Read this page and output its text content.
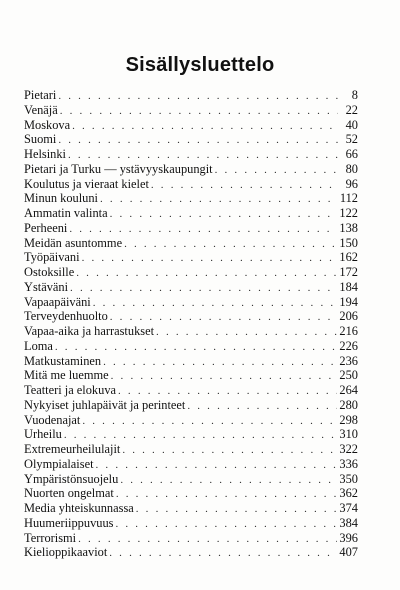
Sisällysluettelo
Pietari . . .	8
Venäjä . . .	22
Moskova . . .	40
Suomi . . .	52
Helsinki . . .	66
Pietari ja Turku — ystävyyskaupungit . . .	80
Koulutus ja vieraat kielet . . .	96
Minun kouluni . . .	112
Ammatin valinta . . .	122
Perheeni . . .	138
Meidän asuntomme . . .	150
Työpäivani . . .	162
Ostoksille . . .	172
Ystäväni . . .	184
Vapaapäiväni . . .	194
Terveydenhuolto . . .	206
Vapaa-aika ja harrastukset . . .	216
Loma . . .	226
Matkustaminen . . .	236
Mitä me luemme . . .	250
Teatteri ja elokuva . . .	264
Nykyiset juhlapäivät ja perinteet . . .	280
Vuodenajat . . .	298
Urheilu . . .	310
Extremeurheilulajit . . .	322
Olympialaiset . . .	336
Ympäristönsuojelu . . .	350
Nuorten ongelmat . . .	362
Media yhteiskunnassa . . .	374
Huumeriippuvuus . . .	384
Terrorismi . . .	396
Kielioppikaaviot . . .	407
